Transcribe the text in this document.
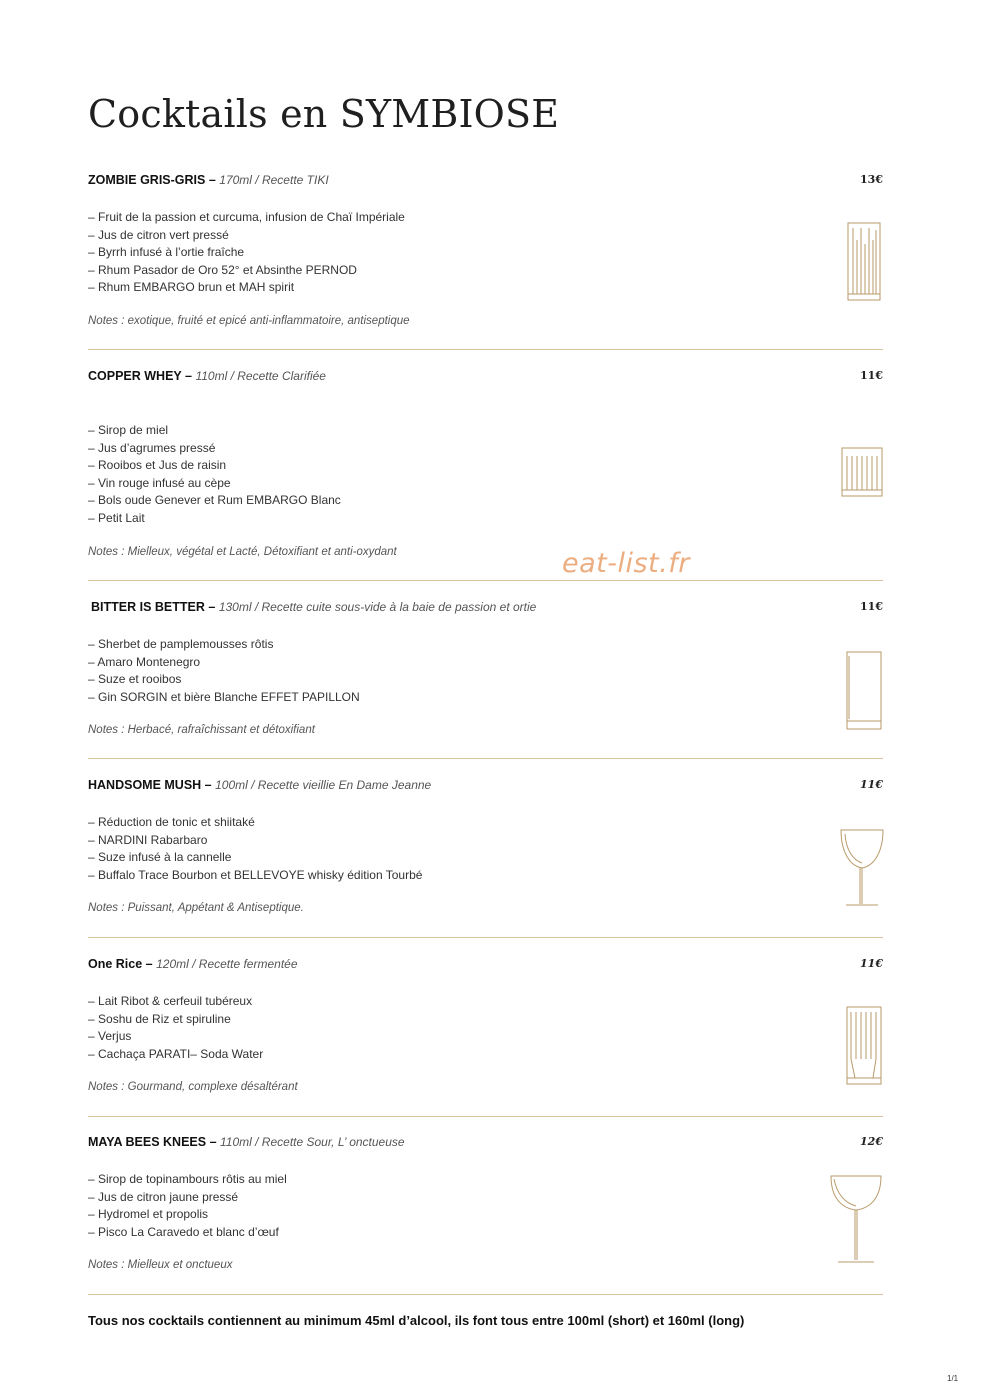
Cocktails en SYMBIOSE
ZOMBIE GRIS-GRIS – 170ml / Recette TIKI	13€
– Fruit de la passion et curcuma, infusion de Chaï Impériale
– Jus de citron vert pressé
– Byrrh infusé à l’ortie fraîche
– Rhum Pasador de Oro 52° et Absinthe PERNOD
– Rhum EMBARGO brun et MAH spirit
Notes : exotique, fruité et epicé anti-inflammatoire, antiseptique
COPPER WHEY – 110ml / Recette Clarifiée	11€
– Sirop de miel
– Jus d’agrumes pressé
– Rooibos et Jus de raisin
– Vin rouge infusé au cèpe
– Bols oude Genever et Rum EMBARGO Blanc
– Petit Lait
Notes : Mielleux, végétal et Lacté, Détoxifiant et anti-oxydant	eat-list.fr
BITTER IS BETTER – 130ml / Recette cuite sous-vide à la baie de passion et ortie	11€
– Sherbet de pamplemousses rôtis
– Amaro Montenegro
– Suze et rooibos
– Gin SORGIN et bière Blanche EFFET PAPILLON
Notes : Herbacé, rafraîchissant et détoxifiant
HANDSOME MUSH – 100ml / Recette vieillie En Dame Jeanne	11€
– Réduction de tonic et shiitaké
– NARDINI Rabarbaro
– Suze infusé à la cannelle
– Buffalo Trace Bourbon et BELLEVOYE whisky édition Tourbé
Notes : Puissant, Appétant & Antiseptique.
One Rice – 120ml / Recette fermentée	11€
– Lait Ribot & cerfeuil tubéreux
– Soshu de Riz et spiruline
– Verjus
– Cachaça PARATI– Soda Water
Notes : Gourmand, complexe désaltérant
MAYA BEES KNEES – 110ml / Recette Sour, L’ onctueuse	12€
– Sirop de topinambours rôtis au miel
– Jus de citron jaune pressé
– Hydromel et propolis
– Pisco La Caravedo et blanc d’œuf
Notes : Mielleux et onctueux
Tous nos cocktails contiennent au minimum 45ml d’alcool, ils font tous entre 100ml (short) et 160ml (long)
1/1
